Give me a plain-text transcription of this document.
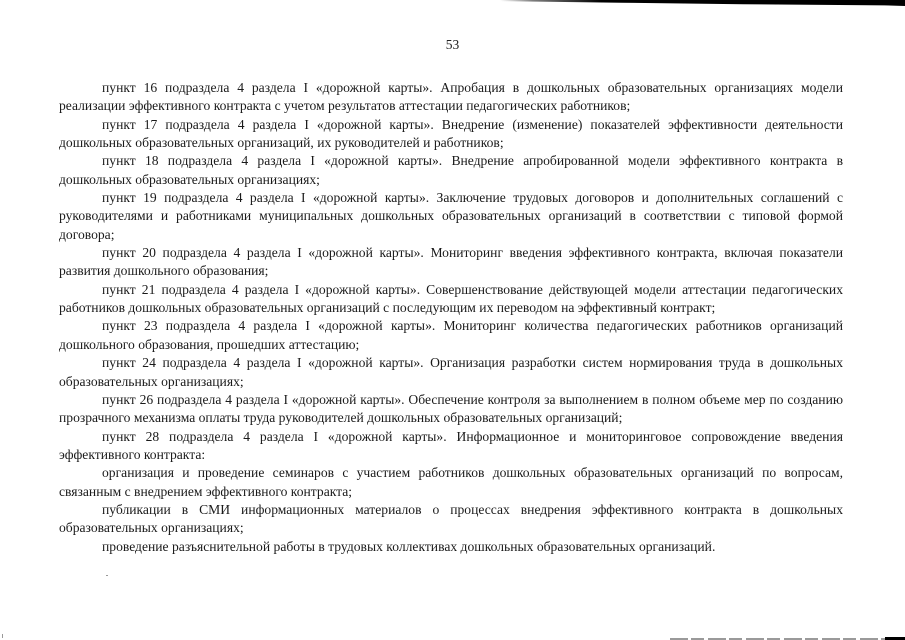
53

пункт 16 подраздела 4 раздела I «дорожной карты». Апробация в дошкольных образовательных организациях модели реализации эффективного контракта с учетом результатов аттестации педагогических работников;

пункт 17 подраздела 4 раздела I «дорожной карты». Внедрение (изменение) показателей эффективности деятельности дошкольных образовательных организаций, их руководителей и работников;

пункт 18 подраздела 4 раздела I «дорожной карты». Внедрение апробированной модели эффективного контракта в дошкольных образовательных организациях;

пункт 19 подраздела 4 раздела I «дорожной карты». Заключение трудовых договоров и дополнительных соглашений с руководителями и работниками муниципальных дошкольных образовательных организаций в соответствии с типовой формой договора;

пункт 20 подраздела 4 раздела I «дорожной карты». Мониторинг введения эффективного контракта, включая показатели развития дошкольного образования;

пункт 21 подраздела 4 раздела I «дорожной карты». Совершенствование действующей модели аттестации педагогических работников дошкольных образовательных организаций с последующим их переводом на эффективный контракт;

пункт 23 подраздела 4 раздела I «дорожной карты». Мониторинг количества педагогических работников организаций дошкольного образования, прошедших аттестацию;

пункт 24 подраздела 4 раздела I «дорожной карты». Организация разработки систем нормирования труда в дошкольных образовательных организациях;

пункт 26 подраздела 4 раздела I «дорожной карты». Обеспечение контроля за выполнением в полном объеме мер по созданию прозрачного механизма оплаты труда руководителей дошкольных образовательных организаций;

пункт 28 подраздела 4 раздела I «дорожной карты». Информационное и мониторинговое сопровождение введения эффективного контракта:

организация и проведение семинаров с участием работников дошкольных образовательных организаций по вопросам, связанным с внедрением эффективного контракта;

публикации в СМИ информационных материалов о процессах внедрения эффективного контракта в дошкольных образовательных организациях;

проведение разъяснительной работы в трудовых коллективах дошкольных образовательных организаций.
